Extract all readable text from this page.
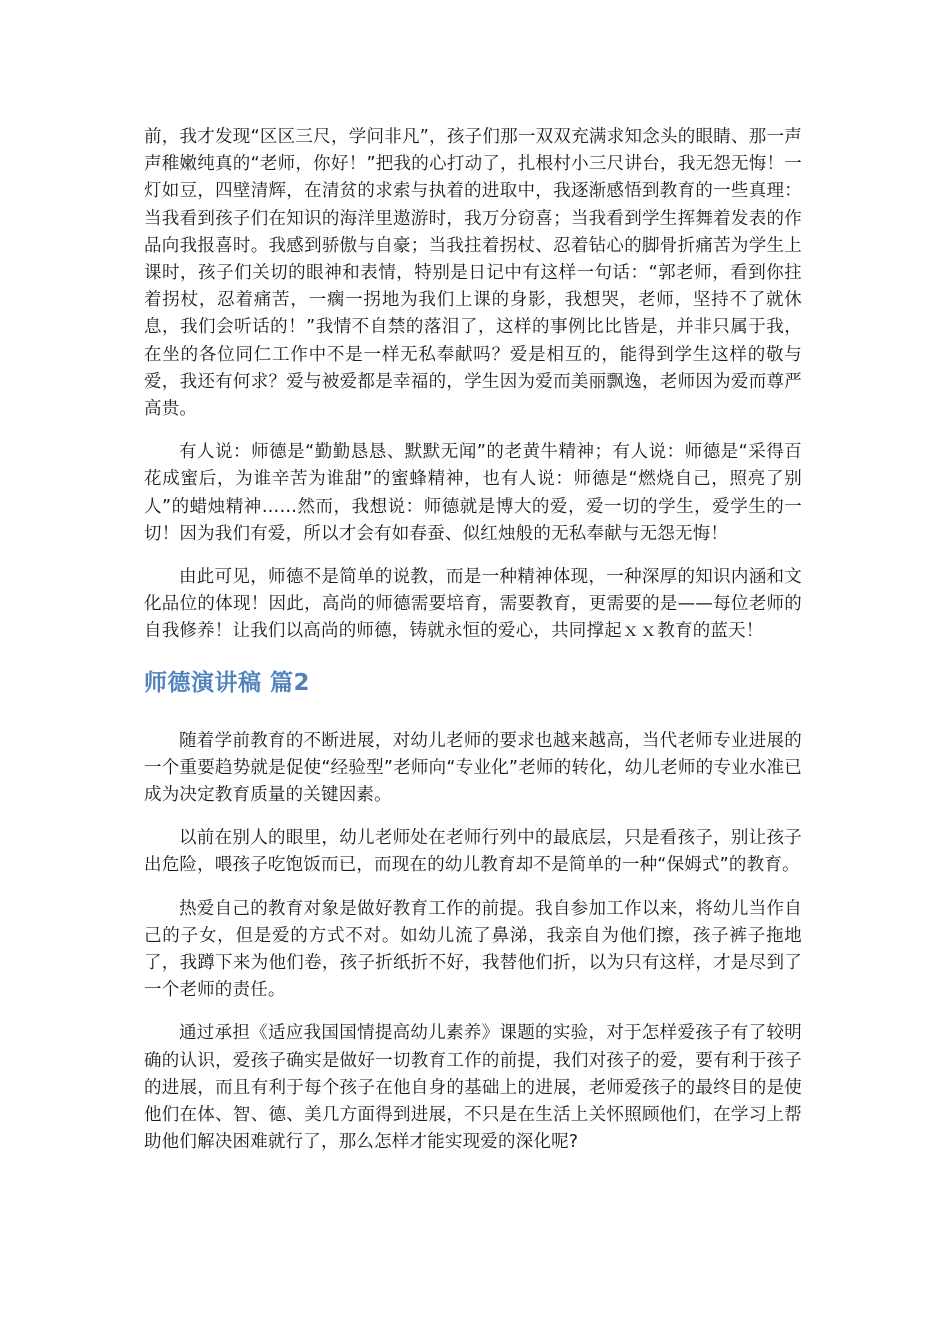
前，我才发现“区区三尺，学问非凡”，孩子们那一双双充满求知念头的眼睛、那一声声稚嫩纯真的“老师，你好！”把我的心打动了，扎根村小三尺讲台，我无怨无悔！一灯如豆，四壁清辉，在清贫的求索与执着的进取中，我逐渐感悟到教育的一些真理：当我看到孩子们在知识的海洋里遨游时，我万分窃喜；当我看到学生挥舞着发表的作品向我报喜时。我感到骄傲与自豪；当我拄着拐杖、忍着钻心的脚骨折痛苦为学生上课时，孩子们关切的眼神和表情，特别是日记中有这样一句话：“郭老师，看到你拄着拐杖，忍着痛苦，一瘸一拐地为我们上课的身影，我想哭，老师，坚持不了就休息，我们会听话的！”我情不自禁的落泪了，这样的事例比比皆是，并非只属于我，在坐的各位同仁工作中不是一样无私奉献吗？爱是相互的，能得到学生这样的敬与爱，我还有何求？爱与被爱都是幸福的，学生因为爱而美丽飘逸，老师因为爱而尊严高贵。

有人说：师德是“勤勤恳恳、默默无闻”的老黄牛精神；有人说：师德是“采得百花成蜜后，为谁辛苦为谁甜”的蜜蜂精神，也有人说：师德是“燃烧自己，照亮了别人”的蜡烛精神……然而，我想说：师德就是博大的爱，爱一切的学生，爱学生的一切！因为我们有爱，所以才会有如春蚕、似红烛般的无私奉献与无怨无悔！

由此可见，师德不是简单的说教，而是一种精神体现，一种深厚的知识内涵和文化品位的体现！因此，高尚的师德需要培育，需要教育，更需要的是——每位老师的自我修养！让我们以高尚的师德，铸就永恒的爱心，共同撑起ｘｘ教育的蓝天！

师德演讲稿 篇2

随着学前教育的不断进展，对幼儿老师的要求也越来越高，当代老师专业进展的一个重要趋势就是促使“经验型”老师向“专业化”老师的转化，幼儿老师的专业水准已成为决定教育质量的关键因素。

以前在别人的眼里，幼儿老师处在老师行列中的最底层，只是看孩子，别让孩子出危险，喂孩子吃饱饭而已，而现在的幼儿教育却不是简单的一种“保姆式”的教育。

热爱自己的教育对象是做好教育工作的前提。我自参加工作以来，将幼儿当作自己的子女，但是爱的方式不对。如幼儿流了鼻涕，我亲自为他们擦，孩子裤子拖地了，我蹲下来为他们卷，孩子折纸折不好，我替他们折，以为只有这样，才是尽到了一个老师的责任。

通过承担《适应我国国情提高幼儿素养》课题的实验，对于怎样爱孩子有了较明确的认识，爱孩子确实是做好一切教育工作的前提，我们对孩子的爱，要有利于孩子的进展，而且有利于每个孩子在他自身的基础上的进展，老师爱孩子的最终目的是使他们在体、智、德、美几方面得到进展，不只是在生活上关怀照顾他们，在学习上帮助他们解决困难就行了，那么怎样才能实现爱的深化呢?
